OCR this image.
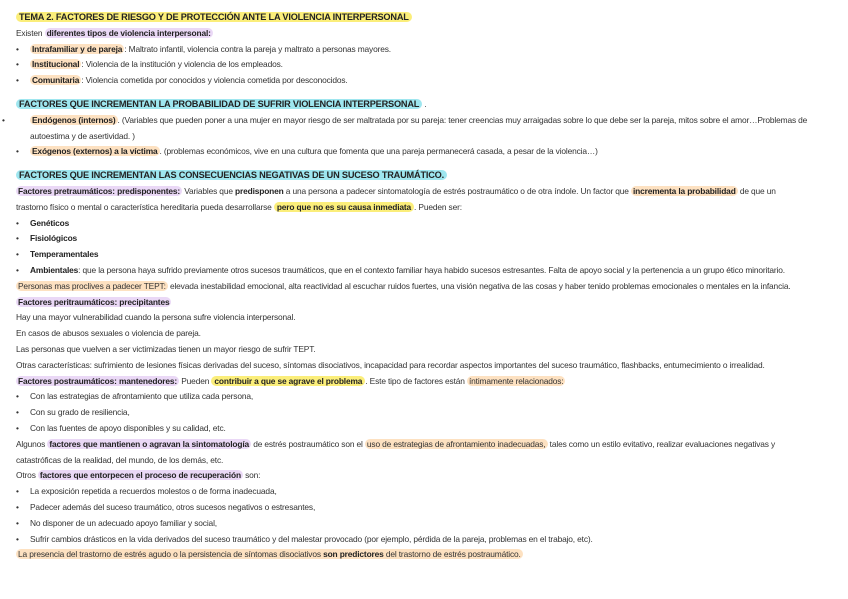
TEMA 2. FACTORES DE RIESGO Y DE PROTECCIÓN ANTE LA VIOLENCIA INTERPERSONAL
Existen diferentes tipos de violencia interpersonal:
• Intrafamiliar y de pareja : Maltrato infantil, violencia contra la pareja y maltrato a personas mayores.
• Institucional : Violencia de la institución y violencia de los empleados.
• Comunitaria : Violencia cometida por conocidos y violencia cometida por desconocidos.
FACTORES QUE INCREMENTAN LA PROBABILIDAD DE SUFRIR VIOLENCIA INTERPERSONAL .
•	Endógenos (internos) . (Variables que pueden poner a una mujer en mayor riesgo de ser maltratada por su pareja: tener creencias muy arraigadas sobre lo que debe ser la pareja, mitos sobre el amor…Problemas de autoestima y de asertividad. )
• Exógenos (externos) a la víctima . (problemas económicos, vive en una cultura que fomenta que una pareja permanecerá casada, a pesar de la violencia…)
FACTORES QUE INCREMENTAN LAS CONSECUENCIAS NEGATIVAS DE UN SUCESO TRAUMÁTICO.
Factores pretraumáticos: predisponentes: Variables que predisponen a una persona a padecer sintomatología de estrés postraumático o de otra índole. Un factor que incrementa la probabilidad de que un
trastorno físico o mental o característica hereditaria pueda desarrollarse pero que no es su causa inmediata . Pueden ser:
• Genéticos
• Fisiológicos
• Temperamentales
• Ambientales: que la persona haya sufrido previamente otros sucesos traumáticos, que en el contexto familiar haya habido sucesos estresantes. Falta de apoyo social y la pertenencia a un grupo ético minoritario.
Personas mas proclives a padecer TEPT: elevada inestabilidad emocional, alta reactividad al escuchar ruidos fuertes, una visión negativa de las cosas y haber tenido problemas emocionales o mentales en la infancia.
Factores peritraumáticos: precipitantes
Hay una mayor vulnerabilidad cuando la persona sufre violencia interpersonal.
En casos de abusos sexuales o violencia de pareja.
Las personas que vuelven a ser victimizadas tienen un mayor riesgo de sufrir TEPT.
Otras características: sufrimiento de lesiones físicas derivadas del suceso, síntomas disociativos, incapacidad para recordar aspectos importantes del suceso traumático, flashbacks, entumecimiento o irrealidad.
Factores postraumáticos: mantenedores: Pueden contribuir a que se agrave el problema . Este tipo de factores están íntimamente relacionados:
• Con las estrategias de afrontamiento que utiliza cada persona,
• Con su grado de resiliencia,
• Con las fuentes de apoyo disponibles y su calidad, etc.
Algunos factores que mantienen o agravan la sintomatología de estrés postraumático son el uso de estrategias de afrontamiento inadecuadas, tales como un estilo evitativo, realizar evaluaciones negativas y
catastróficas de la realidad, del mundo, de los demás, etc.
Otros factores que entorpecen el proceso de recuperación son:
• La exposición repetida a recuerdos molestos o de forma inadecuada,
• Padecer además del suceso traumático, otros sucesos negativos o estresantes,
• No disponer de un adecuado apoyo familiar y social,
• Sufrir cambios drásticos en la vida derivados del suceso traumático y del malestar provocado (por ejemplo, pérdida de la pareja, problemas en el trabajo, etc).
La presencia del trastorno de estrés agudo o la persistencia de síntomas disociativos son predictores del trastorno de estrés postraumático.
